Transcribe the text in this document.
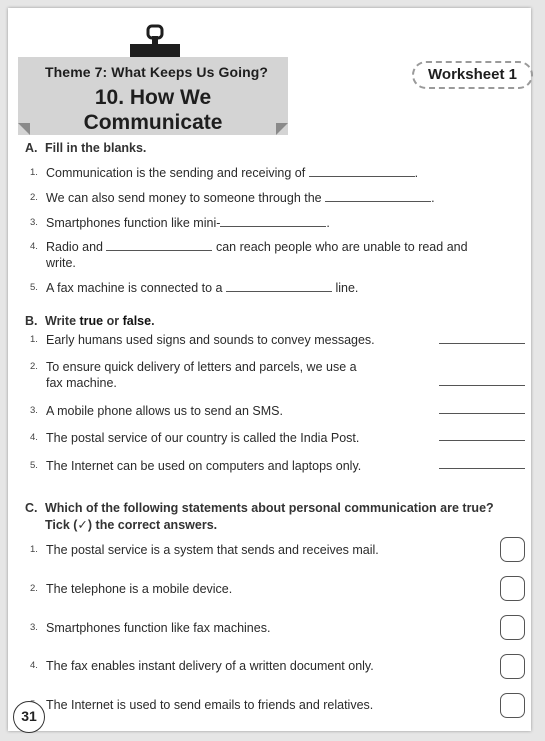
Theme 7: What Keeps Us Going?
10. How We
Communicate
Worksheet 1
A. Fill in the blanks.
1. Communication is the sending and receiving of	.
2. We can also send money to someone through the	.
3. Smartphones function like mini-	.
4. Radio and	can reach people who are unable to read and
write.
5. A fax machine is connected to a	line.
B. Write true or false.
1. Early humans used signs and sounds to convey messages.
2. To ensure quick delivery of letters and parcels, we use a
fax machine.
3. A mobile phone allows us to send an SMS.
4. The postal service of our country is called the India Post.
5. The Internet can be used on computers and laptops only.
C. Which of the following statements about personal communication are true?
Tick (✓) the correct answers.
1. The postal service is a system that sends and receives mail.
2. The telephone is a mobile device.
3. Smartphones function like fax machines.
4. The fax enables instant delivery of a written document only.
The Internet is used to send emails to friends and relatives.
31
